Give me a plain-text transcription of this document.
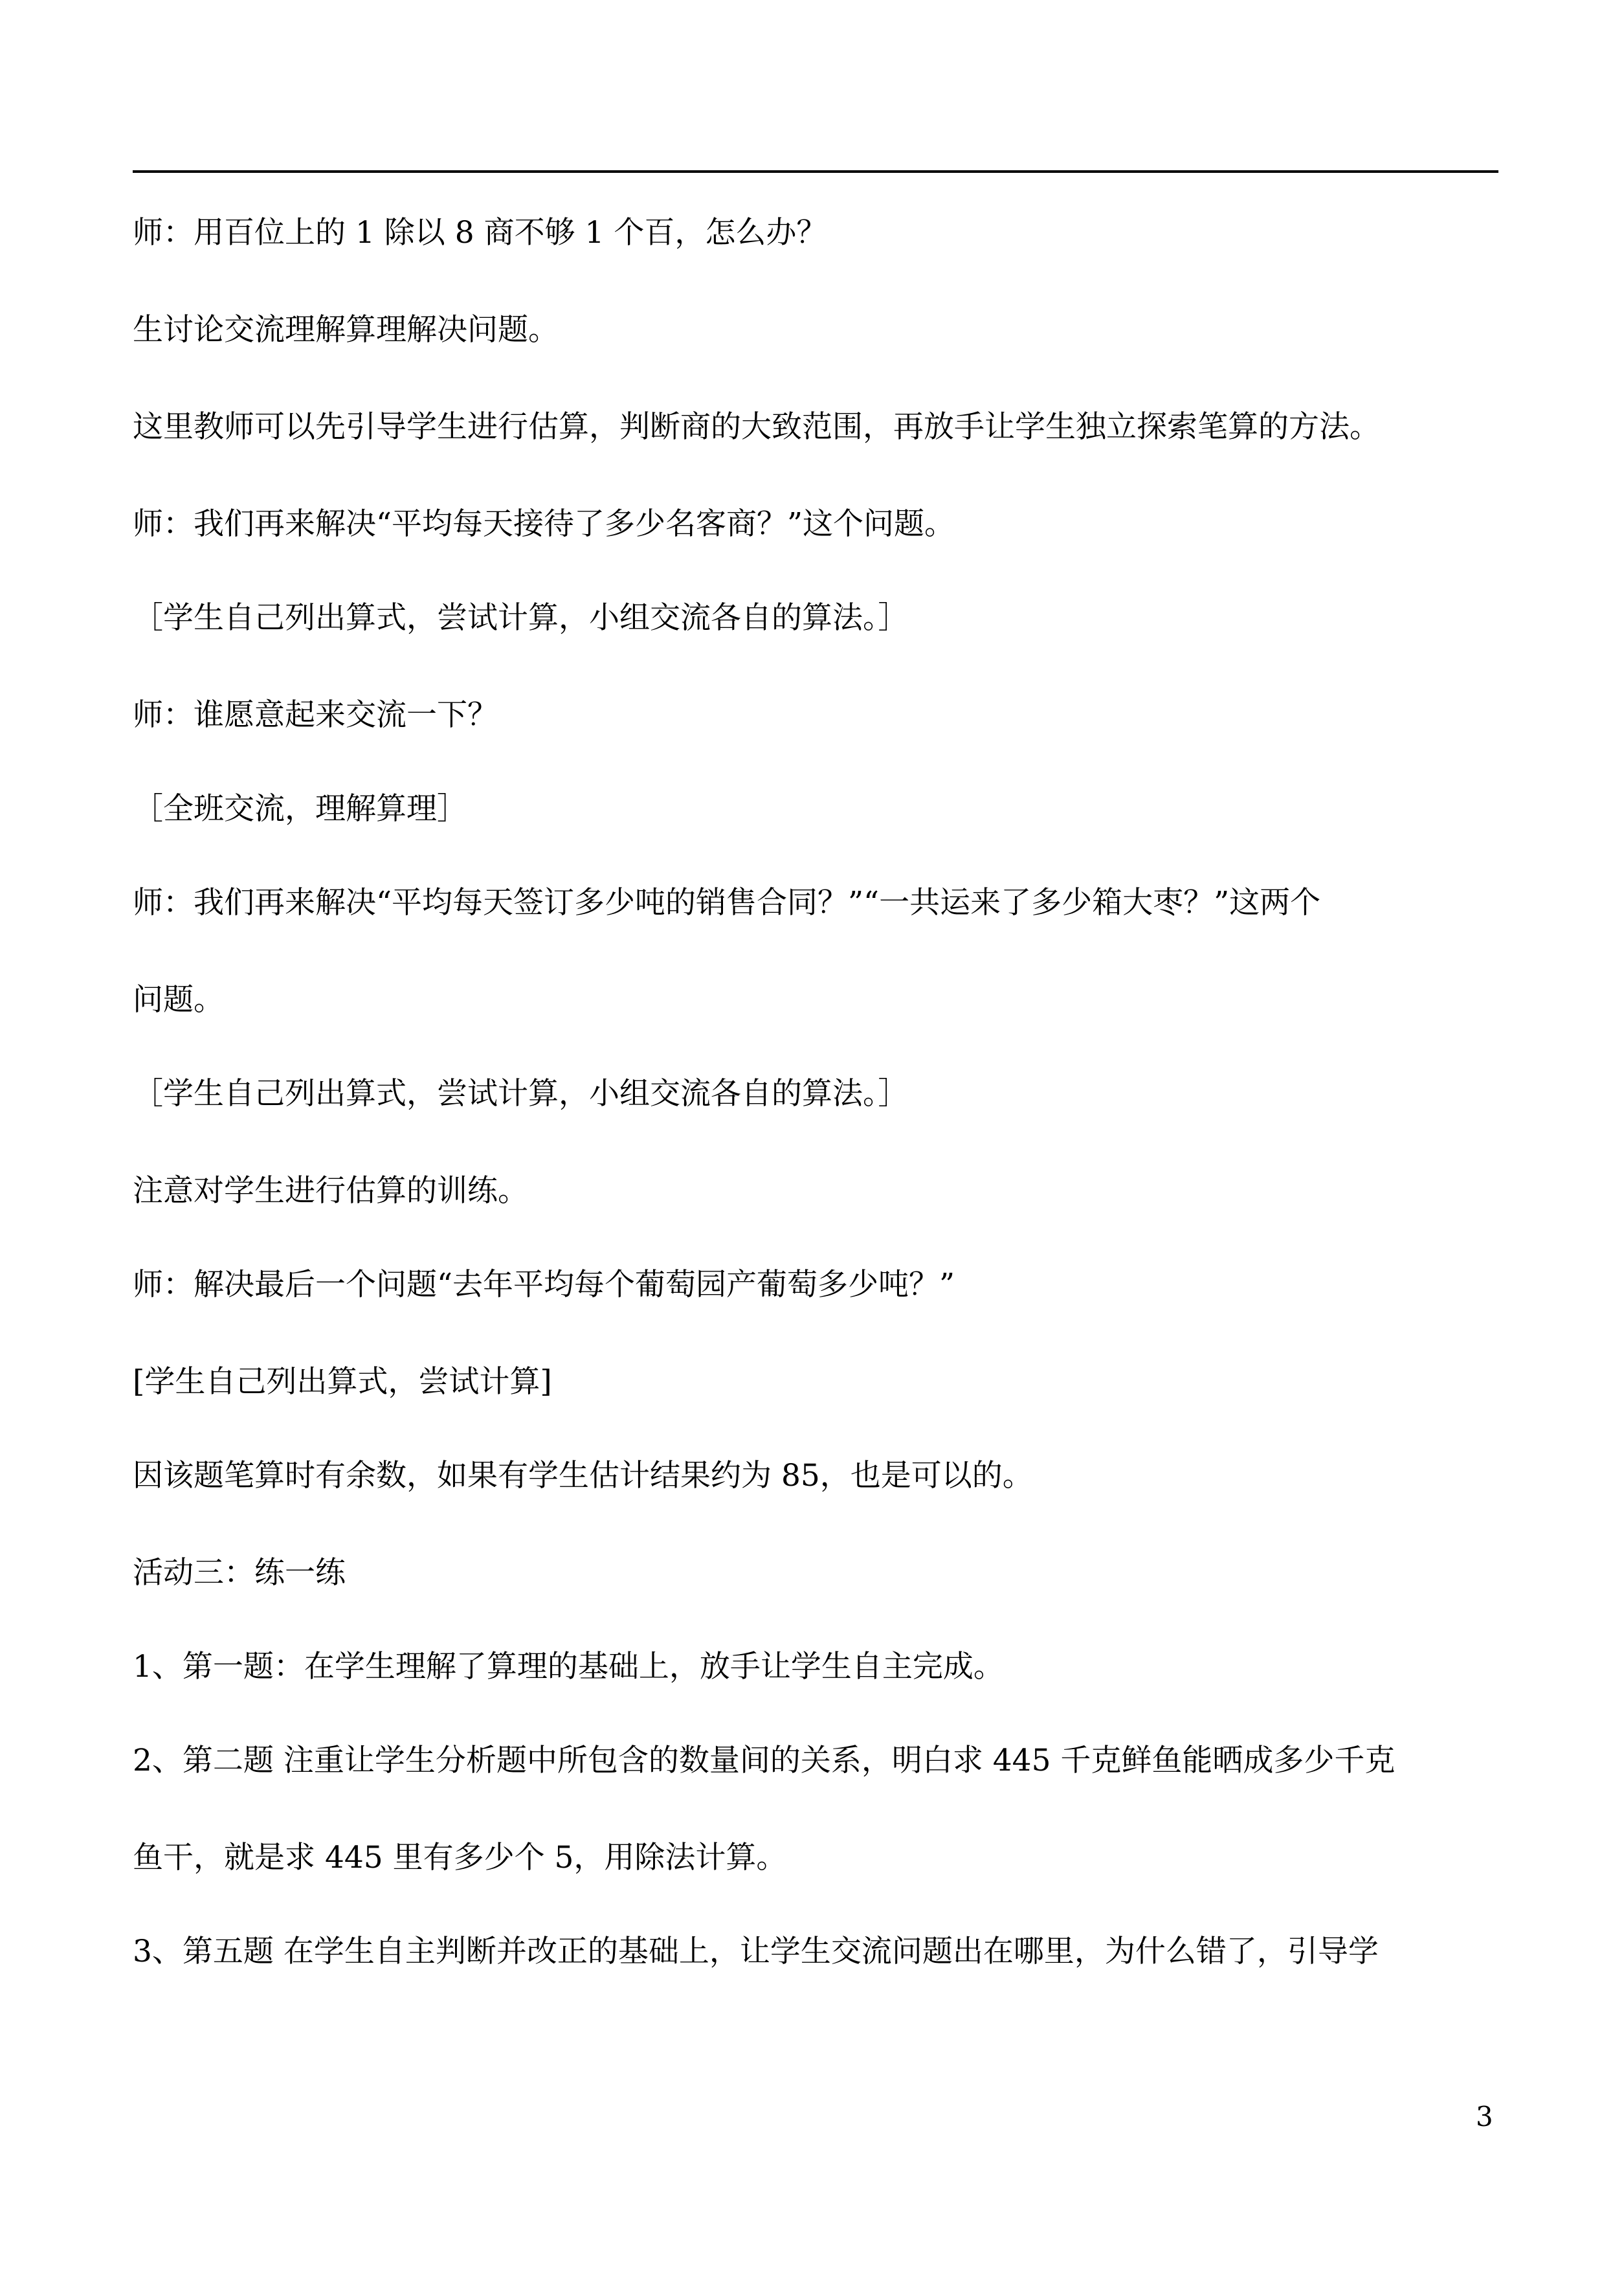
师：用百位上的 1 除以 8 商不够 1 个百，怎么办？

生讨论交流理解算理解决问题。

这里教师可以先引导学生进行估算，判断商的大致范围，再放手让学生独立探索笔算的方法。

师：我们再来解决“平均每天接待了多少名客商？”这个问题。

［学生自己列出算式，尝试计算，小组交流各自的算法。］

师：谁愿意起来交流一下？

［全班交流，理解算理］

师：我们再来解决“平均每天签订多少吨的销售合同？”“一共运来了多少箱大枣？”这两个

问题。

［学生自己列出算式，尝试计算，小组交流各自的算法。］

注意对学生进行估算的训练。

师：解决最后一个问题“去年平均每个葡萄园产葡萄多少吨？”

[学生自己列出算式，尝试计算]

因该题笔算时有余数，如果有学生估计结果约为 85，也是可以的。

活动三：练一练

1、第一题：在学生理解了算理的基础上，放手让学生自主完成。

2、第二题 注重让学生分析题中所包含的数量间的关系，明白求 445 千克鲜鱼能晒成多少千克

鱼干，就是求 445 里有多少个 5，用除法计算。

3、第五题 在学生自主判断并改正的基础上，让学生交流问题出在哪里，为什么错了，引导学

3
